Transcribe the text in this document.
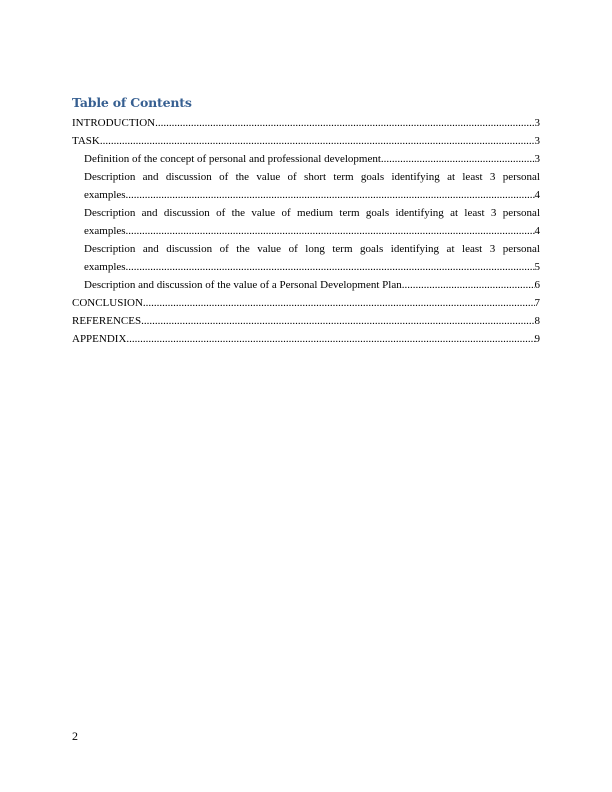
Table of Contents
INTRODUCTION .....	3
TASK .....	3
Definition of the concept of personal and professional development .....	3
Description and discussion of the value of short term goals identifying at least 3 personal
examples .....	4
Description and discussion of the value of medium term goals identifying at least 3 personal
examples .....	4
Description and discussion of the value of long term goals identifying at least 3 personal
examples .....	5
Description and discussion of the value of a Personal Development Plan .....	6
CONCLUSION .....	7
REFERENCES .....	8
APPENDIX .....	9
2
